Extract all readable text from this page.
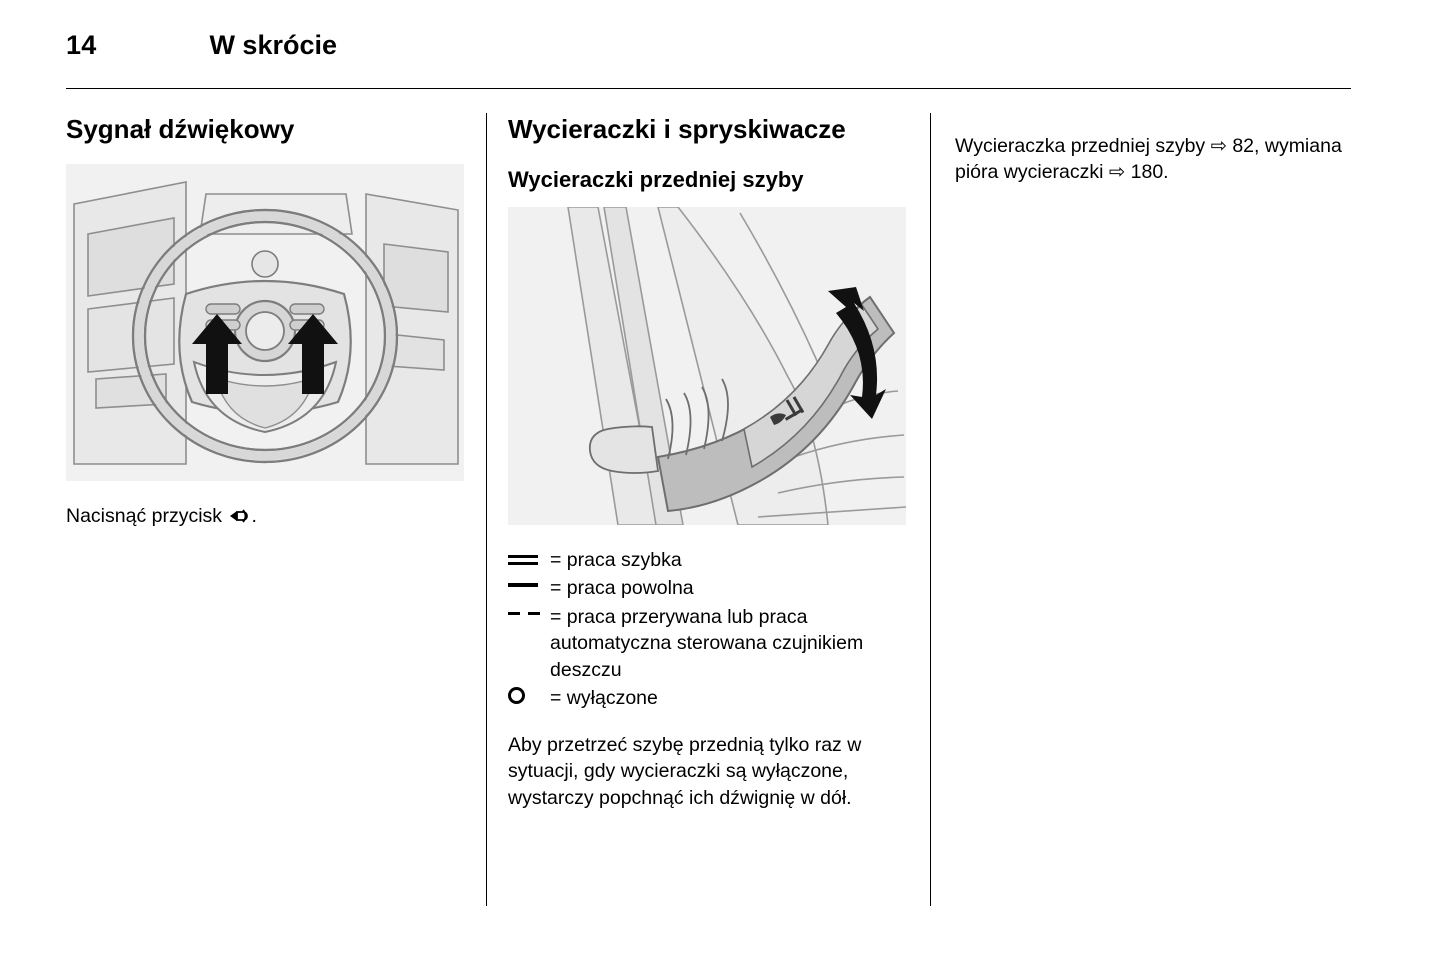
14	W skrócie
Sygnał dźwiękowy

Nacisnąć przycisk .

Wycieraczki i spryskiwacze
Wycieraczki przedniej szyby
= praca szybka
= praca powolna
= praca przerywana lub praca automatyczna sterowana czujnikiem deszczu
= wyłączone

Aby przetrzeć szybę przednią tylko raz w sytuacji, gdy wycieraczki są wyłączone, wystarczy popchnąć ich dźwignię w dół.

Wycieraczka przedniej szyby ⇨ 82, wymiana pióra wycieraczki ⇨ 180.
